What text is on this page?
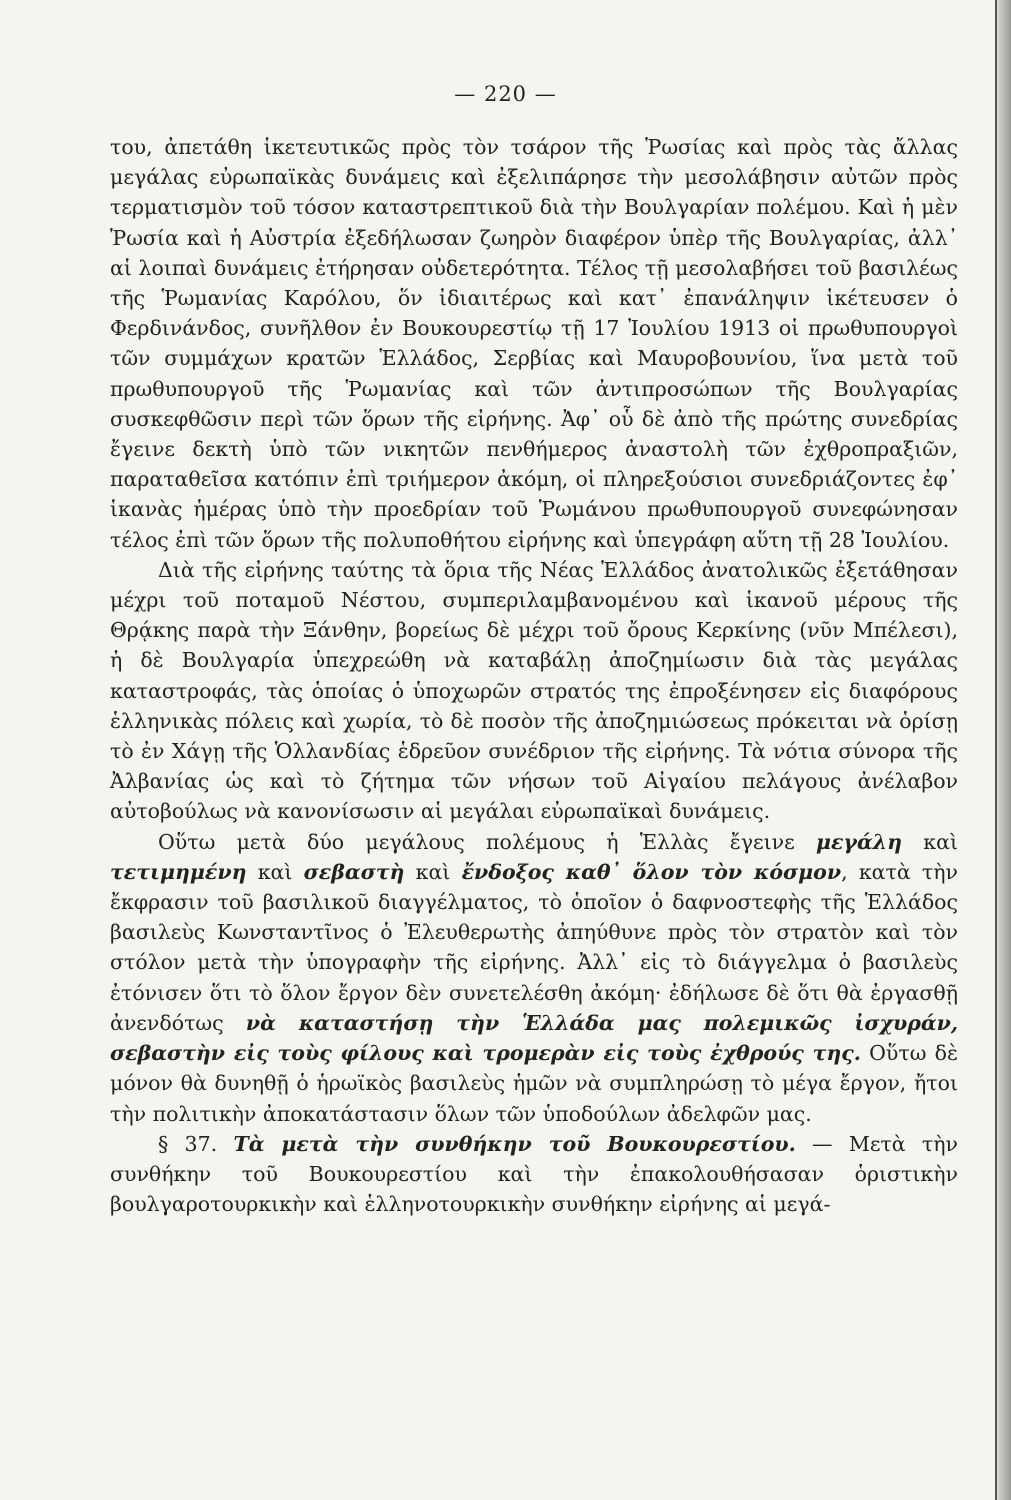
— 220 —

του, ἀπετάθη ἱκετευτικῶς πρὸς τὸν τσάρον τῆς Ῥωσίας καὶ πρὸς τὰς ἄλλας μεγάλας εὐρωπαϊκὰς δυνάμεις καὶ ἐξελιπάρησε τὴν μεσολάβησιν αὐτῶν πρὸς τερματισμὸν τοῦ τόσον καταστρεπτικοῦ διὰ τὴν Βουλγαρίαν πολέμου. Καὶ ἡ μὲν Ῥωσία καὶ ἡ Αὐστρία ἐξεδήλωσαν ζωηρὸν διαφέρον ὑπὲρ τῆς Βουλγαρίας, ἀλλ᾽ αἱ λοιπαὶ δυνάμεις ἐτήρησαν οὐδετερότητα. Τέλος τῇ μεσολαβήσει τοῦ βασιλέως τῆς Ῥωμανίας Καρόλου, ὅν ἰδιαιτέρως καὶ κατ᾽ ἐπανάληψιν ἱκέτευσεν ὁ Φερδινάνδος, συνῆλθον ἐν Βουκουρεστίῳ τῇ 17 Ἰουλίου 1913 οἱ πρωθυπουργοὶ τῶν συμμάχων κρατῶν Ἑλλάδος, Σερβίας καὶ Μαυροβουνίου, ἵνα μετὰ τοῦ πρωθυπουργοῦ τῆς Ῥωμανίας καὶ τῶν ἀντιπροσώπων τῆς Βουλγαρίας συσκεφθῶσιν περὶ τῶν ὅρων τῆς εἰρήνης. Ἀφ᾽ οὗ δὲ ἀπὸ τῆς πρώτης συνεδρίας ἔγεινε δεκτὴ ὑπὸ τῶν νικητῶν πενθήμερος ἀναστολὴ τῶν ἐχθροπραξιῶν, παραταθεῖσα κατόπιν ἐπὶ τριήμερον ἀκόμη, οἱ πληρεξούσιοι συνεδριάζοντες ἐφ᾽ ἱκανὰς ἡμέρας ὑπὸ τὴν προεδρίαν τοῦ Ῥωμάνου πρωθυπουργοῦ συνεφώνησαν τέλος ἐπὶ τῶν ὅρων τῆς πολυποθήτου εἰρήνης καὶ ὑπεγράφη αὕτη τῇ 28 Ἰουλίου.

Διὰ τῆς εἰρήνης ταύτης τὰ ὅρια τῆς Νέας Ἑλλάδος ἀνατολικῶς ἐξετάθησαν μέχρι τοῦ ποταμοῦ Νέστου, συμπεριλαμβανομένου καὶ ἱκανοῦ μέρους τῆς Θρᾴκης παρὰ τὴν Ξάνθην, βορείως δὲ μέχρι τοῦ ὄρους Κερκίνης (νῦν Μπέλεσι), ἡ δὲ Βουλγαρία ὑπεχρεώθη νὰ καταβάλῃ ἀποζημίωσιν διὰ τὰς μεγάλας καταστροφάς, τὰς ὁποίας ὁ ὑποχωρῶν στρατός της ἐπροξένησεν εἰς διαφόρους ἑλληνικὰς πόλεις καὶ χωρία, τὸ δὲ ποσὸν τῆς ἀποζημιώσεως πρόκειται νὰ ὁρίσῃ τὸ ἐν Χάγῃ τῆς Ὁλλανδίας ἑδρεῦον συνέδριον τῆς εἰρήνης. Τὰ νότια σύνορα τῆς Ἀλβανίας ὡς καὶ τὸ ζήτημα τῶν νήσων τοῦ Αἰγαίου πελάγους ἀνέλαβον αὐτοβούλως νὰ κανονίσωσιν αἱ μεγάλαι εὐρωπαϊκαὶ δυνάμεις.

Οὕτω μετὰ δύο μεγάλους πολέμους ἡ Ἑλλὰς ἔγεινε μεγάλη καὶ τετιμημένη καὶ σεβαστὴ καὶ ἔνδοξος καθ᾽ ὅλον τὸν κόσμον, κατὰ τὴν ἔκφρασιν τοῦ βασιλικοῦ διαγγέλματος, τὸ ὁποῖον ὁ δαφνοστεφὴς τῆς Ἑλλάδος βασιλεὺς Κωνσταντῖνος ὁ Ἐλευθερωτὴς ἀπηύθυνε πρὸς τὸν στρατὸν καὶ τὸν στόλον μετὰ τὴν ὑπογραφὴν τῆς εἰρήνης. Ἀλλ᾽ εἰς τὸ διάγγελμα ὁ βασιλεὺς ἐτόνισεν ὅτι τὸ ὅλον ἔργον δὲν συνετελέσθη ἀκόμη· ἐδήλωσε δὲ ὅτι θὰ ἐργασθῇ ἀνενδότως νὰ καταστήσῃ τὴν Ἑλλάδα μας πολεμικῶς ἰσχυράν, σεβαστὴν εἰς τοὺς φίλους καὶ τρομερὰν εἰς τοὺς ἐχθρούς της. Οὕτω δὲ μόνον θὰ δυνηθῇ ὁ ἡρωϊκὸς βασιλεὺς ἡμῶν νὰ συμπληρώσῃ τὸ μέγα ἔργον, ἤτοι τὴν πολιτικὴν ἀποκατάστασιν ὅλων τῶν ὑποδούλων ἀδελφῶν μας.

§ 37. Τὰ μετὰ τὴν συνθήκην τοῦ Βουκουρεστίου. — Μετὰ τὴν συνθήκην τοῦ Βουκουρεστίου καὶ τὴν ἐπακολουθήσασαν ὁριστικὴν βουλγαροτουρκικὴν καὶ ἑλληνοτουρκικὴν συνθήκην εἰρήνης αἱ μεγά-
